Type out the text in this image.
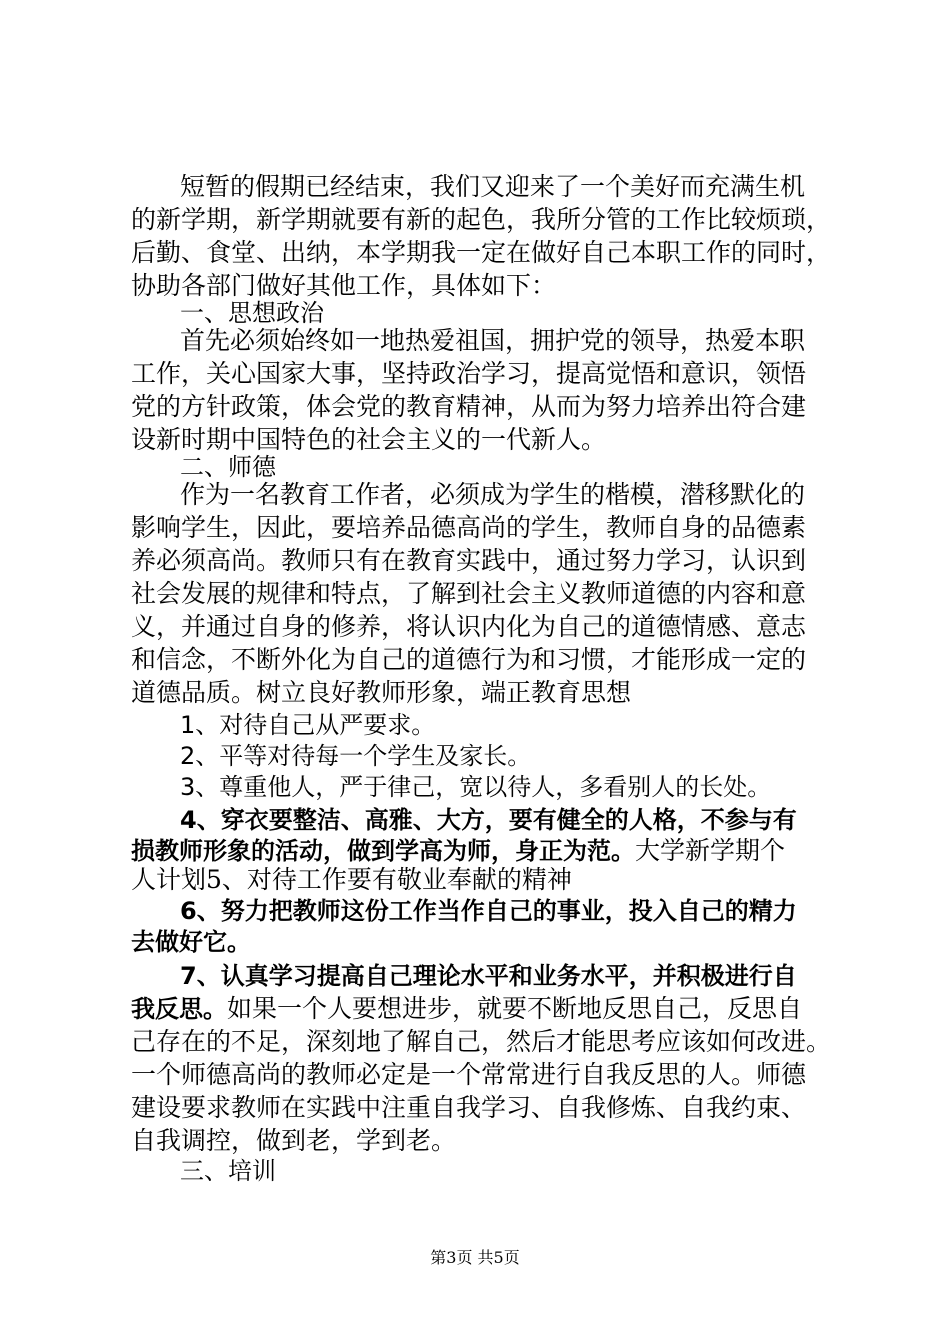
短暂的假期已经结束，我们又迎来了一个美好而充满生机
的新学期，新学期就要有新的起色，我所分管的工作比较烦琐，
后勤、食堂、出纳，本学期我一定在做好自己本职工作的同时，
协助各部门做好其他工作，具体如下：
一、思想政治
首先必须始终如一地热爱祖国，拥护党的领导，热爱本职
工作，关心国家大事，坚持政治学习，提高觉悟和意识，领悟
党的方针政策，体会党的教育精神，从而为努力培养出符合建
设新时期中国特色的社会主义的一代新人。
二、师德
作为一名教育工作者，必须成为学生的楷模，潜移默化的
影响学生，因此，要培养品德高尚的学生，教师自身的品德素
养必须高尚。教师只有在教育实践中，通过努力学习，认识到
社会发展的规律和特点，了解到社会主义教师道德的内容和意
义，并通过自身的修养，将认识内化为自己的道德情感、意志
和信念，不断外化为自己的道德行为和习惯，才能形成一定的
道德品质。树立良好教师形象，端正教育思想
1、对待自己从严要求。
2、平等对待每一个学生及家长。
3、尊重他人，严于律己，宽以待人，多看别人的长处。
4、穿衣要整洁、高雅、大方，要有健全的人格，不参与有
损教师形象的活动，做到学高为师，身正为范。大学新学期个
人计划5、对待工作要有敬业奉献的精神
6、努力把教师这份工作当作自己的事业，投入自己的精力
去做好它。
7、认真学习提高自己理论水平和业务水平，并积极进行自
我反思。如果一个人要想进步，就要不断地反思自己，反思自
己存在的不足，深刻地了解自己，然后才能思考应该如何改进。
一个师德高尚的教师必定是一个常常进行自我反思的人。师德
建设要求教师在实践中注重自我学习、自我修炼、自我约束、
自我调控，做到老，学到老。
三、培训
第3页 共5页
